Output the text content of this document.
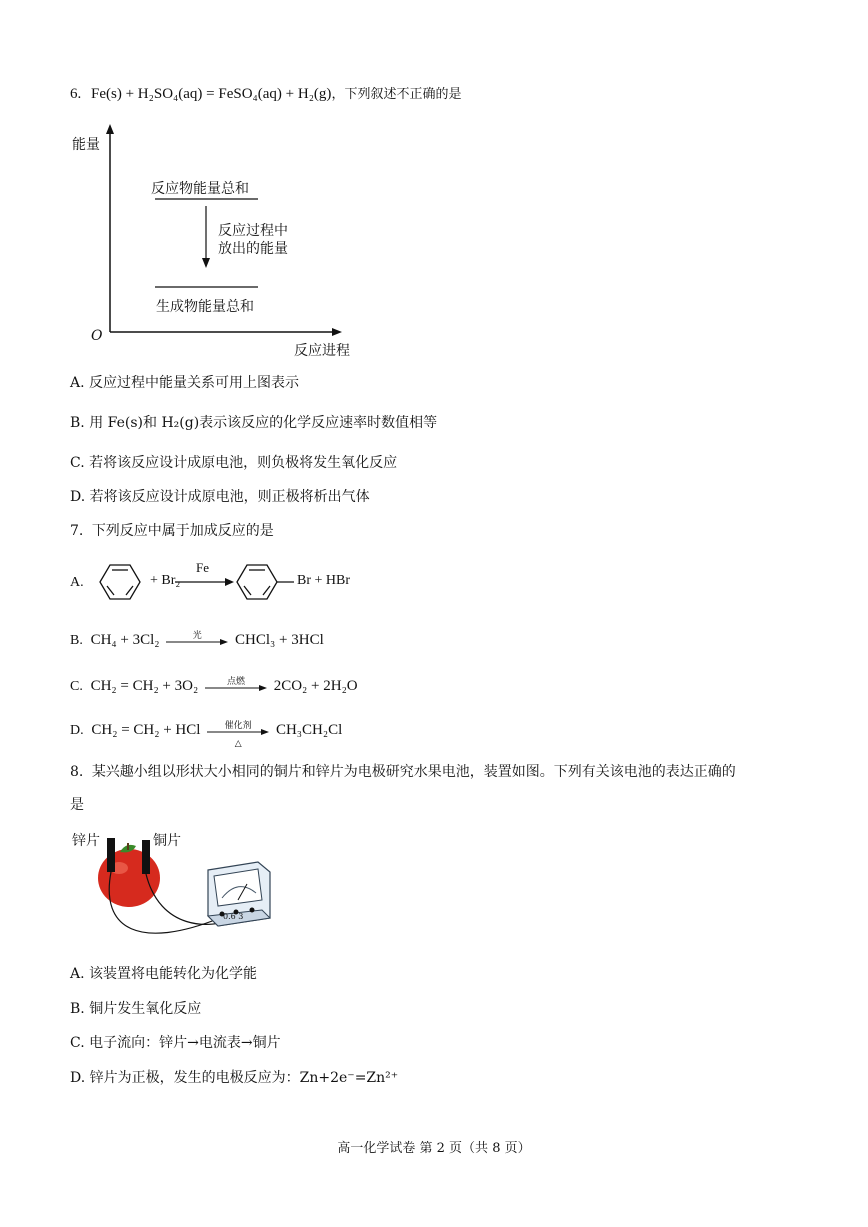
6. Fe(s) + H₂SO₄(aq) = FeSO₄(aq) + H₂(g)，下列叙述不正确的是
能量
O
反应进程
反应物能量总和
反应过程中
放出的能量
生成物能量总和
A. 反应过程中能量关系可用上图表示
B. 用 Fe(s)和 H₂(g)表示该反应的化学反应速率时数值相等
C. 若将该反应设计成原电池，则负极将发生氧化反应
D. 若将该反应设计成原电池，则正极将析出气体
7. 下列反应中属于加成反应的是
A.	+ Br₂
Fe
Br + HBr
B. CH₄ + 3Cl₂	光	CHCl₃ + 3HCl
C. CH₂ = CH₂ + 3O₂	点燃	2CO₂ + 2H₂O
D. CH₂ = CH₂ + HCl	催化剂
△
CH₃CH₂Cl
8. 某兴趣小组以形状大小相同的铜片和锌片为电极研究水果电池，装置如图。下列有关该电池的表达正确的
是
锌片	铜片
0.6 3
A. 该装置将电能转化为化学能
B. 铜片发生氧化反应
C. 电子流向：锌片→电流表→铜片
D. 锌片为正极，发生的电极反应为：Zn+2e⁻=Zn²⁺
高一化学试卷 第 2 页（共 8 页）
